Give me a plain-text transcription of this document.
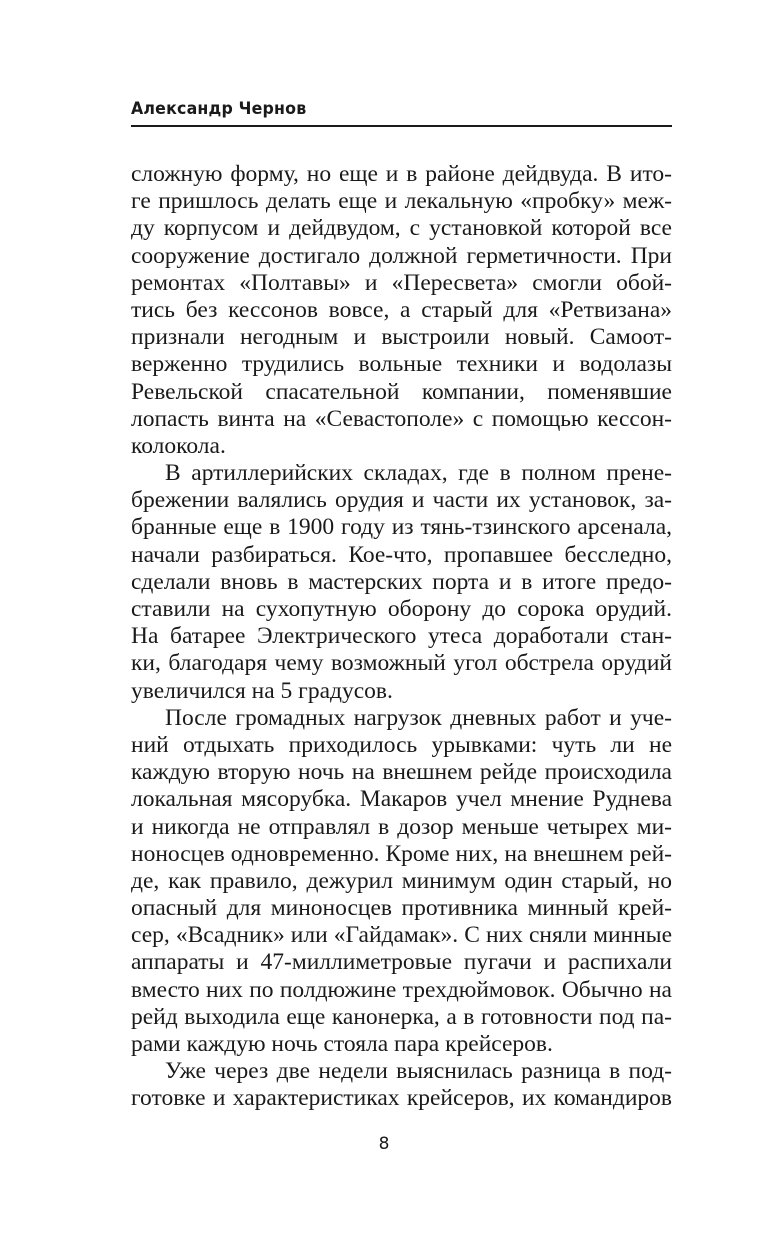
Александр Чернов
сложную форму, но еще и в районе дейдвуда. В ито-
ге пришлось делать еще и лекальную «пробку» меж-
ду корпусом и дейдвудом, с установкой которой все
сооружение достигало должной герметичности. При
ремонтах «Полтавы» и «Пересвета» смогли обой-
тись без кессонов вовсе, а старый для «Ретвизана»
признали негодным и выстроили новый. Самоот-
верженно трудились вольные техники и водолазы
Ревельской спасательной компании, поменявшие
лопасть винта на «Севастополе» с помощью кессон-
колокола.
В артиллерийских складах, где в полном прене-
брежении валялись орудия и части их установок, за-
бранные еще в 1900 году из тянь-тзинского арсенала,
начали разбираться. Кое-что, пропавшее бесследно,
сделали вновь в мастерских порта и в итоге предо-
ставили на сухопутную оборону до сорока орудий.
На батарее Электрического утеса доработали стан-
ки, благодаря чему возможный угол обстрела орудий
увеличился на 5 градусов.
После громадных нагрузок дневных работ и уче-
ний отдыхать приходилось урывками: чуть ли не
каждую вторую ночь на внешнем рейде происходила
локальная мясорубка. Макаров учел мнение Руднева
и никогда не отправлял в дозор меньше четырех ми-
ноносцев одновременно. Кроме них, на внешнем рей-
де, как правило, дежурил минимум один старый, но
опасный для миноносцев противника минный крей-
сер, «Всадник» или «Гайдамак». С них сняли минные
аппараты и 47-миллиметровые пугачи и распихали
вместо них по полдюжине трехдюймовок. Обычно на
рейд выходила еще канонерка, а в готовности под па-
рами каждую ночь стояла пара крейсеров.
Уже через две недели выяснилась разница в под-
готовке и характеристиках крейсеров, их командиров
8
